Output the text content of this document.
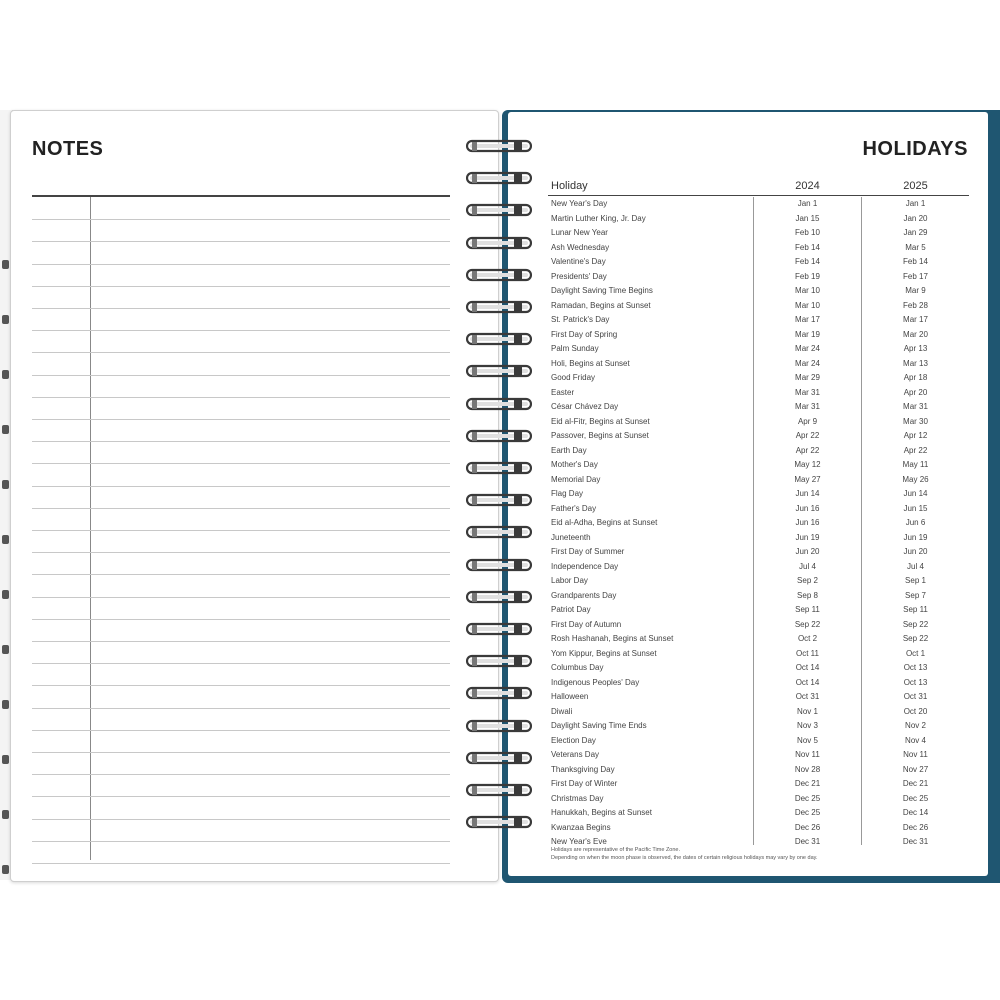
NOTES	HOLIDAYS
Holiday	2024	2025
New Year's Day	Jan 1	Jan 1
Martin Luther King, Jr. Day	Jan 15	Jan 20
Lunar New Year	Feb 10	Jan 29
Ash Wednesday	Feb 14	Mar 5
Valentine's Day	Feb 14	Feb 14
Presidents' Day	Feb 19	Feb 17
Daylight Saving Time Begins	Mar 10	Mar 9
Ramadan, Begins at Sunset	Mar 10	Feb 28
St. Patrick's Day	Mar 17	Mar 17
First Day of Spring	Mar 19	Mar 20
Palm Sunday	Mar 24	Apr 13
Holi, Begins at Sunset	Mar 24	Mar 13
Good Friday	Mar 29	Apr 18
Easter	Mar 31	Apr 20
César Chávez Day	Mar 31	Mar 31
Eid al-Fitr, Begins at Sunset	Apr 9	Mar 30
Passover, Begins at Sunset	Apr 22	Apr 12
Earth Day	Apr 22	Apr 22
Mother's Day	May 12	May 11
Memorial Day	May 27	May 26
Flag Day	Jun 14	Jun 14
Father's Day	Jun 16	Jun 15
Eid al-Adha, Begins at Sunset	Jun 16	Jun 6
Juneteenth	Jun 19	Jun 19
First Day of Summer	Jun 20	Jun 20
Independence Day	Jul 4	Jul 4
Labor Day	Sep 2	Sep 1
Grandparents Day	Sep 8	Sep 7
Patriot Day	Sep 11	Sep 11
First Day of Autumn	Sep 22	Sep 22
Rosh Hashanah, Begins at Sunset	Oct 2	Sep 22
Yom Kippur, Begins at Sunset	Oct 11	Oct 1
Columbus Day	Oct 14	Oct 13
Indigenous Peoples' Day	Oct 14	Oct 13
Halloween	Oct 31	Oct 31
Diwali	Nov 1	Oct 20
Daylight Saving Time Ends	Nov 3	Nov 2
Election Day	Nov 5	Nov 4
Veterans Day	Nov 11	Nov 11
Thanksgiving Day	Nov 28	Nov 27
First Day of Winter	Dec 21	Dec 21
Christmas Day	Dec 25	Dec 25
Hanukkah, Begins at Sunset	Dec 25	Dec 14
Kwanzaa Begins	Dec 26	Dec 26
New Year's Eve	Dec 31	Dec 31
Holidays are representative of the Pacific Time Zone.
Depending on when the moon phase is observed, the dates of certain religious holidays may vary by one day.
